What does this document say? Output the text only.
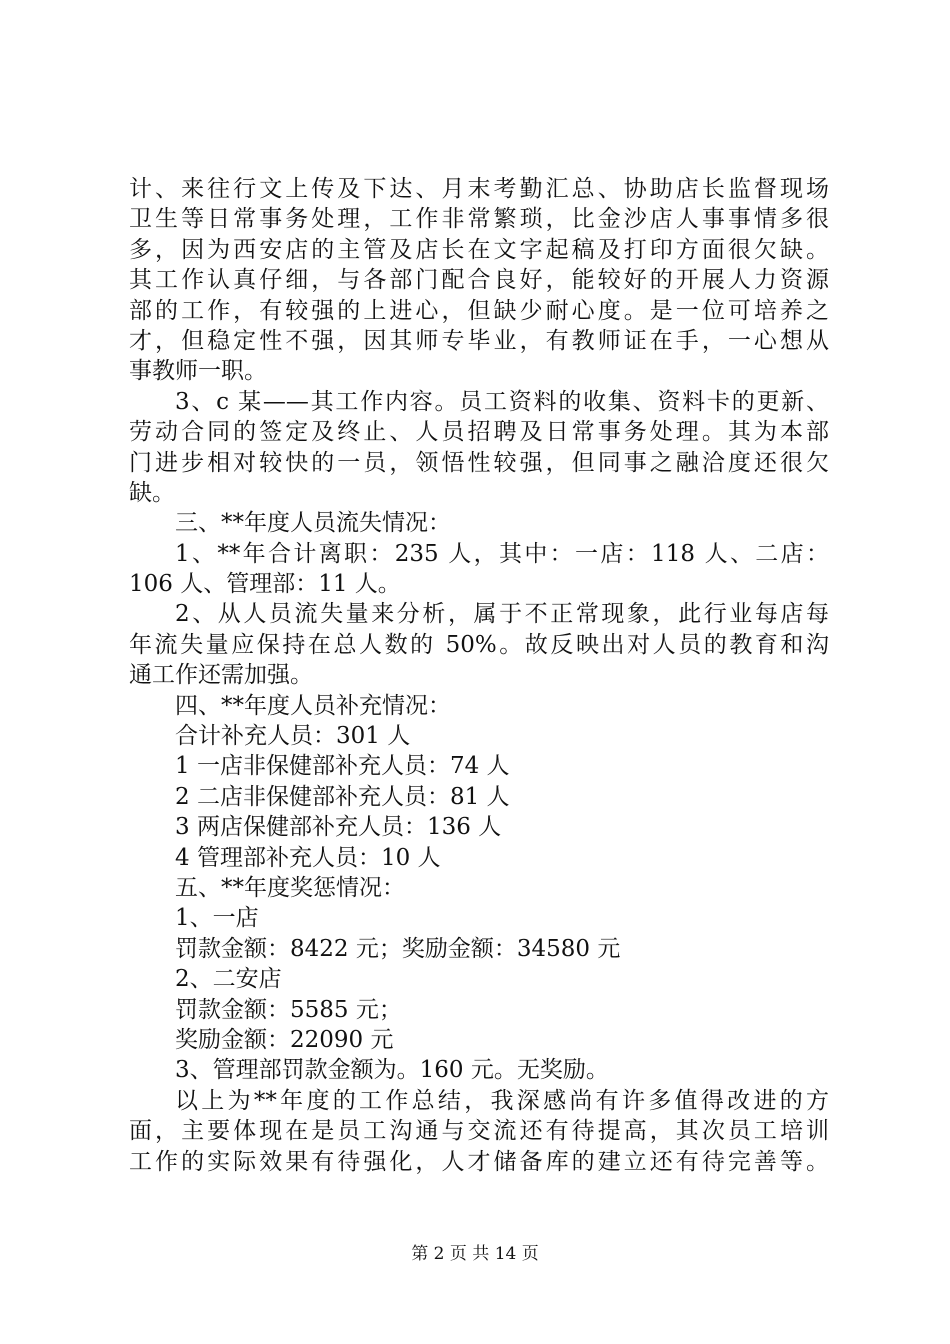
计、来往行文上传及下达、月末考勤汇总、协助店长监督现场
卫生等日常事务处理，工作非常繁琐，比金沙店人事事情多很
多，因为西安店的主管及店长在文字起稿及打印方面很欠缺。
其工作认真仔细，与各部门配合良好，能较好的开展人力资源
部的工作，有较强的上进心，但缺少耐心度。是一位可培养之
才，但稳定性不强，因其师专毕业，有教师证在手，一心想从
事教师一职。
3、c 某——其工作内容。员工资料的收集、资料卡的更新、
劳动合同的签定及终止、人员招聘及日常事务处理。其为本部
门进步相对较快的一员，领悟性较强，但同事之融洽度还很欠
缺。
三、**年度人员流失情况：
1、**年合计离职：235 人，其中：一店：118 人、二店：
106 人、管理部：11 人。
2、从人员流失量来分析，属于不正常现象，此行业每店每
年流失量应保持在总人数的 50%。故反映出对人员的教育和沟
通工作还需加强。
四、**年度人员补充情况：
合计补充人员：301 人
1 一店非保健部补充人员：74 人
2 二店非保健部补充人员：81 人
3 两店保健部补充人员：136 人
4 管理部补充人员：10 人
五、**年度奖惩情况：
1、一店
罚款金额：8422 元；奖励金额：34580 元
2、二安店
罚款金额：5585 元；
奖励金额：22090 元
3、管理部罚款金额为。160 元。无奖励。
以上为**年度的工作总结，我深感尚有许多值得改进的方
面，主要体现在是员工沟通与交流还有待提高，其次员工培训
工作的实际效果有待强化，人才储备库的建立还有待完善等。
第 2 页 共 14 页
